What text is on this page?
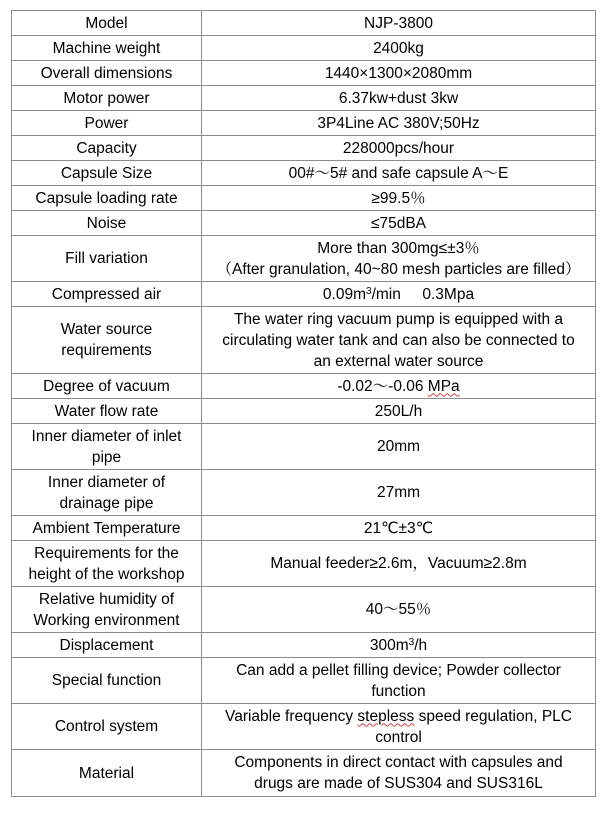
Model	NJP-3800

Machine weight	2400kg

Overall dimensions	1440×1300×2080mm

Motor power	6.37kw+dust 3kw

Power	3P4Line AC 380V;50Hz

Capacity	228000pcs/hour

Capsule Size	00#～5# and safe capsule A～E

Capsule loading rate	≥99.5％

Noise	≤75dBA

Fill variation	More than 300mg≤±3％
（After granulation, 40~80 mesh particles are filled）

Compressed air	$0.09m^3/\min$     0.3Mpa

Water source
requirements	The water ring vacuum pump is equipped with a
circulating water tank and can also be connected to
an external water source

Degree of vacuum	-0.02～-0.06 MPa

Water flow rate	250L/h

Inner diameter of inlet
pipe	20mm

Inner diameter of
drainage pipe	27mm

Ambient Temperature	21℃±3℃

Requirements for the
height of the workshop	Manual feeder≥2.6m，Vacuum≥2.8m

Relative humidity of
Working environment	40～55％

Displacement	$300m^3/h$

Special function	Can add a pellet filling device; Powder collector
function

Control system	Variable frequency stepless speed regulation, PLC
control

Material	Components in direct contact with capsules and
drugs are made of SUS304 and SUS316L
